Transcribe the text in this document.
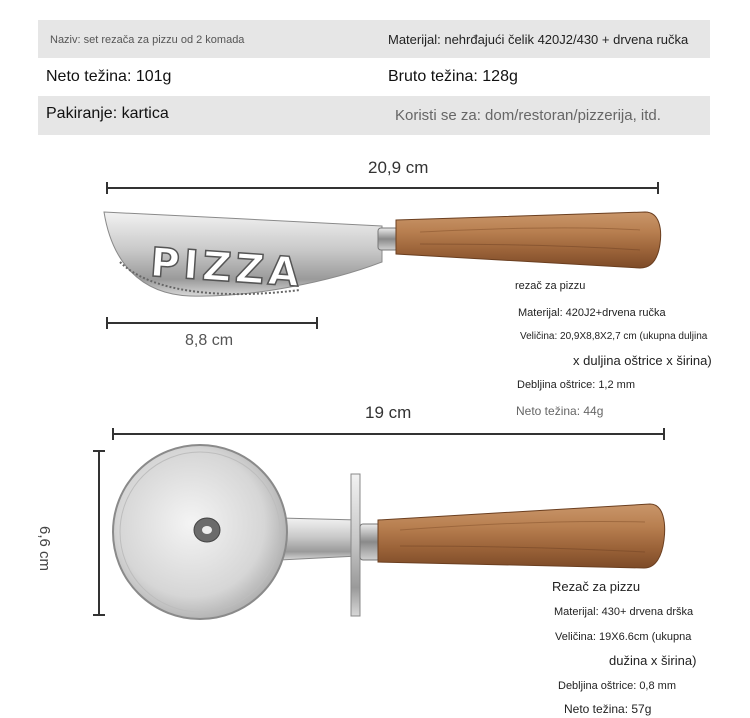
Naziv: set rezača za pizzu od 2 komada	Materijal: nehrđajući čelik 420J2/430 + drvena ručka
Neto težina: 101g	Bruto težina: 128g
Pakiranje: kartica	Koristi se za: dom/restoran/pizzerija, itd.
PIZZA
20,9 cm
8,8 cm
19 cm
6,6 cm
rezač za pizzu
Materijal: 420J2+drvena ručka
Veličina: 20,9X8,8X2,7 cm (ukupna duljina
x duljina oštrice x širina)
Debljina oštrice: 1,2 mm
Neto težina: 44g
Rezač za pizzu
Materijal: 430+ drvena drška
Veličina: 19X6.6cm (ukupna
dužina x širina)
Debljina oštrice: 0,8 mm
Neto težina: 57g
